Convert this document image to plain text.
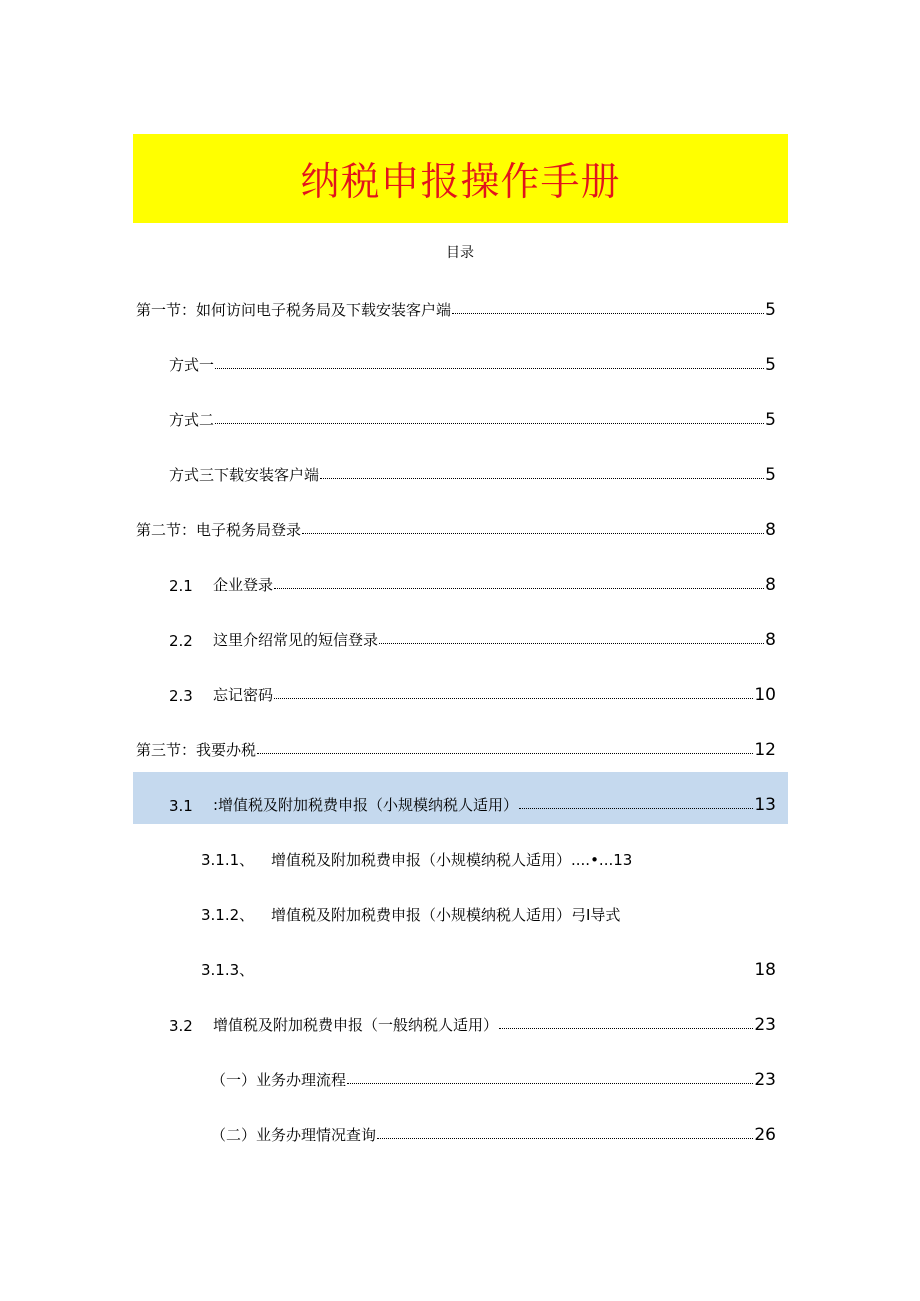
纳税申报操作手册
目录
第一节：如何访问电子税务局及下载安装客户端	5
方式一	5
方式二	5
方式三下载安装客户端	5
第二节：电子税务局登录	8
2.1	企业登录	8
2.2	这里介绍常见的短信登录	8
2.3	忘记密码	10
第三节：我要办税	12
3.1	:增值税及附加税费申报（小规模纳税人适用）	13
3.1.1、	增值税及附加税费申报（小规模纳税人适用）....•...13
3.1.2、	增值税及附加税费申报（小规模纳税人适用）弓I导式
3.1.3、	18
3.2	增值税及附加税费申报（一般纳税人适用）	23
（一）业务办理流程	23
（二）业务办理情况查询	26
